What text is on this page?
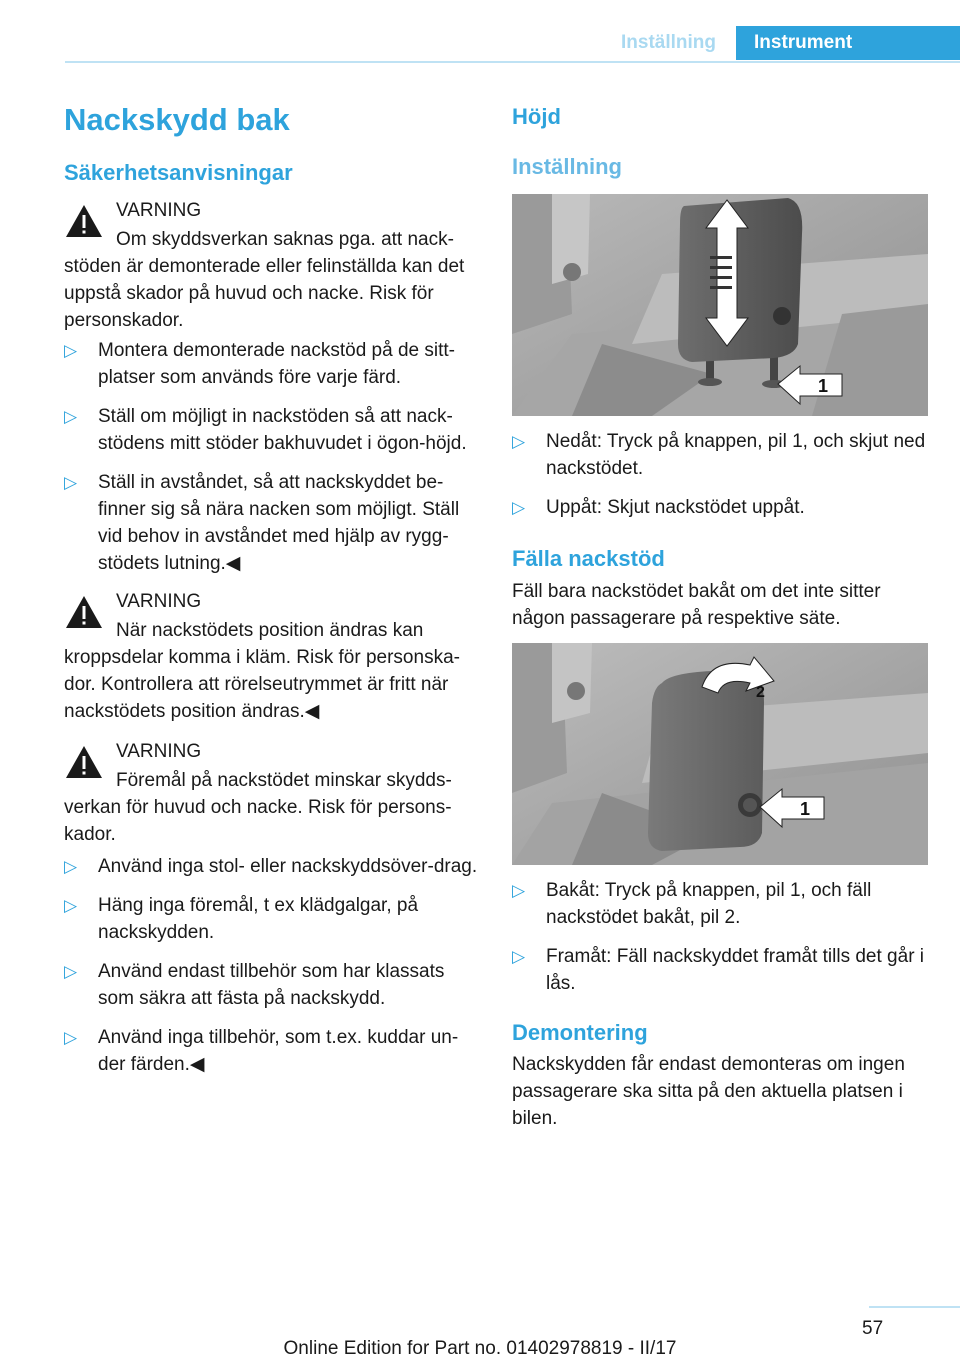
Inställning	Instrument
Nackskydd bak
Säkerhetsanvisningar
VARNING

Om skyddsverkan saknas pga. att nack-

stöden är demonterade eller felinställda kan det uppstå skador på huvud och nacke. Risk för personskador.

▷ Montera demonterade nackstöd på de sitt-platser som används före varje färd.
▷ Ställ om möjligt in nackstöden så att nack-stödens mitt stöder bakhuvudet i ögon-höjd.
▷ Ställ in avståndet, så att nackskyddet be-finner sig så nära nacken som möjligt. Ställ vid behov in avståndet med hjälp av rygg-stödets lutning.◀
VARNING

När nackstödets position ändras kan

kroppsdelar komma i kläm. Risk för personska-dor. Kontrollera att rörelseutrymmet är fritt när nackstödets position ändras.◀

VARNING

Föremål på nackstödet minskar skydds-

verkan för huvud och nacke. Risk för persons-kador.

▷ Använd inga stol- eller nackskyddsöver-drag.
▷ Häng inga föremål, t ex klädgalgar, på nackskydden.
▷ Använd endast tillbehör som har klassats som säkra att fästa på nackskydd.
▷ Använd inga tillbehör, som t.ex. kuddar un-der färden.◀
Höjd
Inställning
1
▷ Nedåt: Tryck på knappen, pil 1, och skjut ned nackstödet.
▷ Uppåt: Skjut nackstödet uppåt.
Fälla nackstöd

Fäll bara nackstödet bakåt om det inte sitter någon passagerare på respektive säte.

2
1
▷ Bakåt: Tryck på knappen, pil 1, och fäll nackstödet bakåt, pil 2.
▷ Framåt: Fäll nackskyddet framåt tills det går i lås.
Demontering

Nackskydden får endast demonteras om ingen passagerare ska sitta på den aktuella platsen i bilen.

57
Online Edition for Part no. 01402978819 - II/17
